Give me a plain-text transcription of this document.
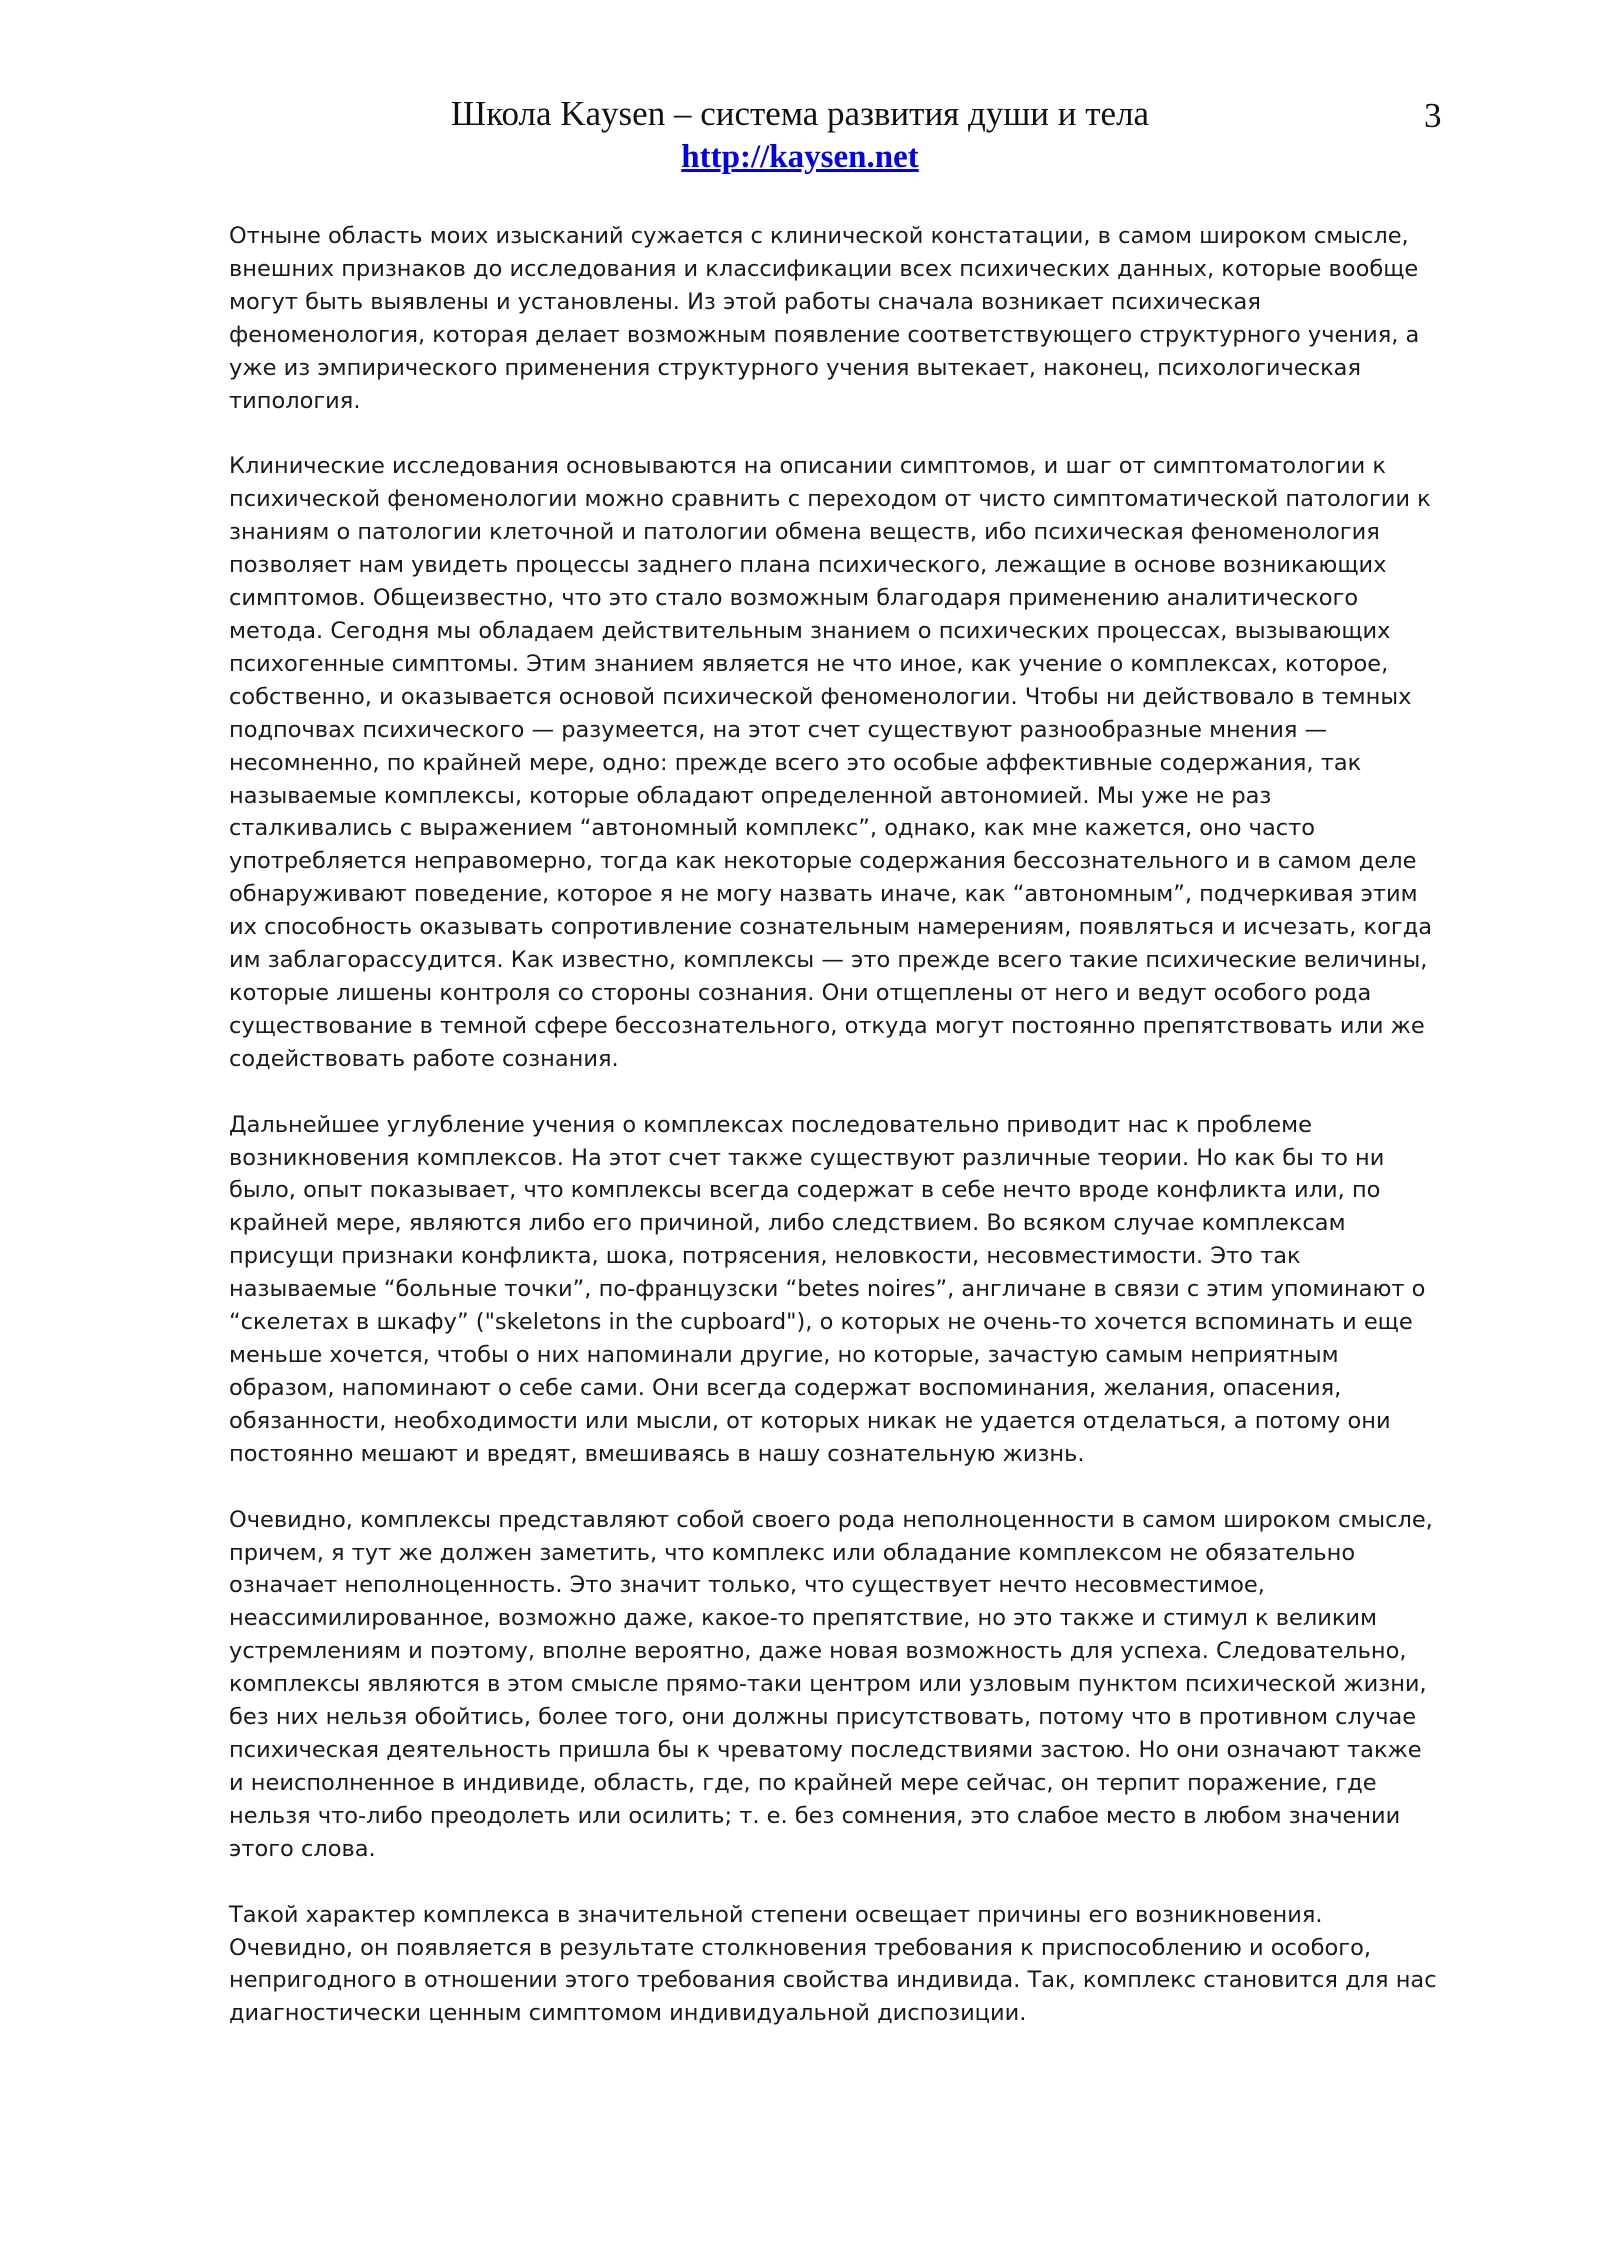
Школа Kaysen – система развития души и тела
http://kaysen.net
3

Отныне область моих изысканий сужается с клинической констатации, в самом широком смысле, внешних признаков до исследования и классификации всех психических данных, которые вообще могут быть выявлены и установлены. Из этой работы сначала возникает психическая феноменология, которая делает возможным появление соответствующего структурного учения, а уже из эмпирического применения структурного учения вытекает, наконец, психологическая типология.

Клинические исследования основываются на описании симптомов, и шаг от симптоматологии к психической феноменологии можно сравнить с переходом от чисто симптоматической патологии к знаниям о патологии клеточной и патологии обмена веществ, ибо психическая феноменология позволяет нам увидеть процессы заднего плана психического, лежащие в основе возникающих симптомов. Общеизвестно, что это стало возможным благодаря применению аналитического метода. Сегодня мы обладаем действительным знанием о психических процессах, вызывающих психогенные симптомы. Этим знанием является не что иное, как учение о комплексах, которое, собственно, и оказывается основой психической феноменологии. Чтобы ни действовало в темных подпочвах психического — разумеется, на этот счет существуют разнообразные мнения — несомненно, по крайней мере, одно: прежде всего это особые аффективные содержания, так называемые комплексы, которые обладают определенной автономией. Мы уже не раз сталкивались с выражением “автономный комплекс”, однако, как мне кажется, оно часто употребляется неправомерно, тогда как некоторые содержания бессознательного и в самом деле обнаруживают поведение, которое я не могу назвать иначе, как “автономным”, подчеркивая этим их способность оказывать сопротивление сознательным намерениям, появляться и исчезать, когда им заблагорассудится. Как известно, комплексы — это прежде всего такие психические величины, которые лишены контроля со стороны сознания. Они отщеплены от него и ведут особого рода существование в темной сфере бессознательного, откуда могут постоянно препятствовать или же содействовать работе сознания.

Дальнейшее углубление учения о комплексах последовательно приводит нас к проблеме возникновения комплексов. На этот счет также существуют различные теории. Но как бы то ни было, опыт показывает, что комплексы всегда содержат в себе нечто вроде конфликта или, по крайней мере, являются либо его причиной, либо следствием. Во всяком случае комплексам присущи признаки конфликта, шока, потрясения, неловкости, несовместимости. Это так называемые “больные точки”, по-французски “betes noires”, англичане в связи с этим упоминают о “скелетах в шкафу” ("skeletons in the cupboard"), о которых не очень-то хочется вспоминать и еще меньше хочется, чтобы о них напоминали другие, но которые, зачастую самым неприятным образом, напоминают о себе сами. Они всегда содержат воспоминания, желания, опасения, обязанности, необходимости или мысли, от которых никак не удается отделаться, а потому они постоянно мешают и вредят, вмешиваясь в нашу сознательную жизнь.

Очевидно, комплексы представляют собой своего рода неполноценности в самом широком смысле, причем, я тут же должен заметить, что комплекс или обладание комплексом не обязательно означает неполноценность. Это значит только, что существует нечто несовместимое, неассимилированное, возможно даже, какое-то препятствие, но это также и стимул к великим устремлениям и поэтому, вполне вероятно, даже новая возможность для успеха. Следовательно, комплексы являются в этом смысле прямо-таки центром или узловым пунктом психической жизни, без них нельзя обойтись, более того, они должны присутствовать, потому что в противном случае психическая деятельность пришла бы к чреватому последствиями застою. Но они означают также и неисполненное в индивиде, область, где, по крайней мере сейчас, он терпит поражение, где нельзя что-либо преодолеть или осилить; т. е. без сомнения, это слабое место в любом значении этого слова.

Такой характер комплекса в значительной степени освещает причины его возникновения. Очевидно, он появляется в результате столкновения требования к приспособлению и особого, непригодного в отношении этого требования свойства индивида. Так, комплекс становится для нас диагностически ценным симптомом индивидуальной диспозиции.
